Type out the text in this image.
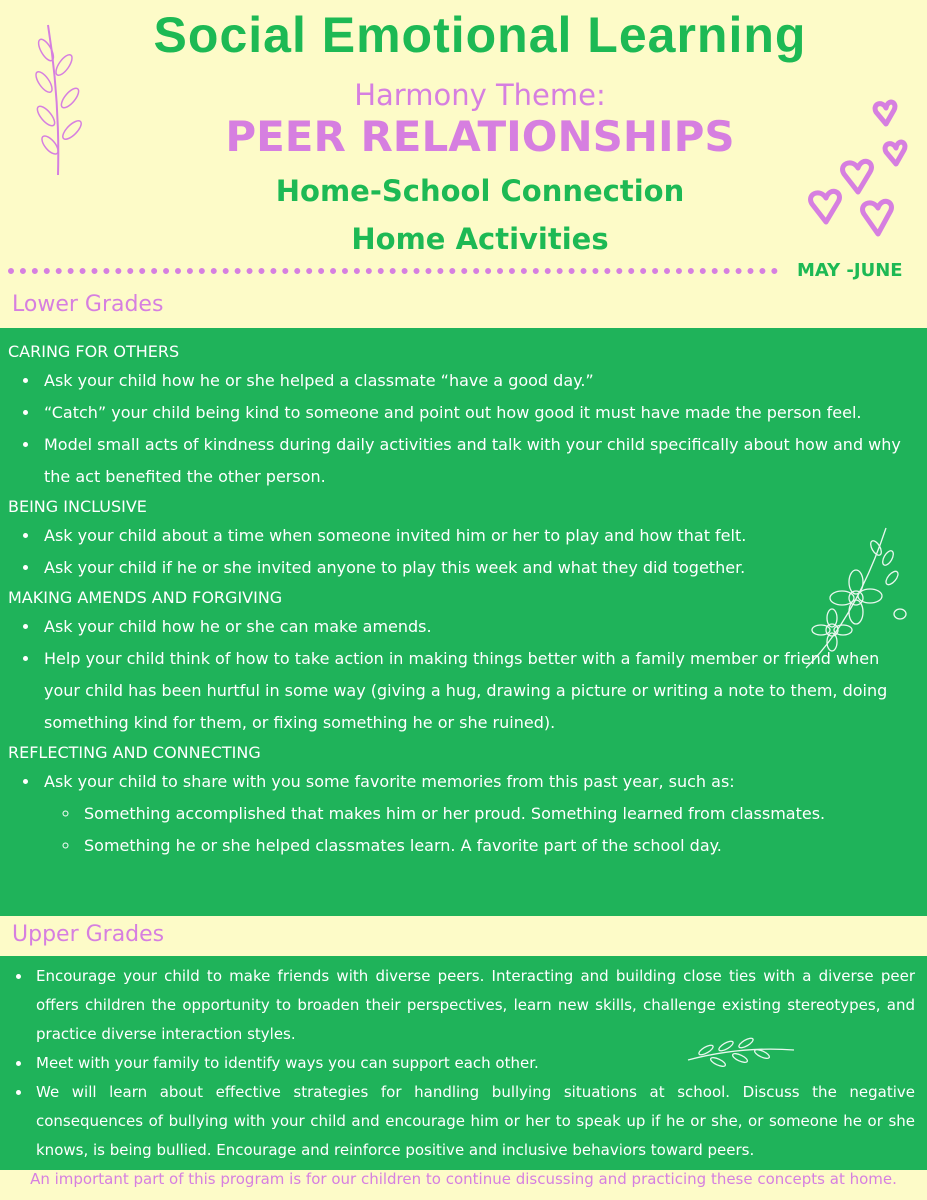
Social Emotional Learning

Harmony Theme:

PEER RELATIONSHIPS

Home-School Connection

Home Activities

MAY -JUNE

Lower Grades

CARING FOR OTHERS

• Ask your child how he or she helped a classmate “have a good day.”
• “Catch” your child being kind to someone and point out how good it must have made the person feel.
• Model small acts of kindness during daily activities and talk with your child specifically about how and why the act benefited the other person.

BEING INCLUSIVE

• Ask your child about a time when someone invited him or her to play and how that felt.
• Ask your child if he or she invited anyone to play this week and what they did together.

MAKING AMENDS AND FORGIVING

• Ask your child how he or she can make amends.
• Help your child think of how to take action in making things better with a family member or friend when your child has been hurtful in some way (giving a hug, drawing a picture or writing a note to them, doing something kind for them, or fixing something he or she ruined).

REFLECTING AND CONNECTING

• Ask your child to share with you some favorite memories from this past year, such as:
◦ Something accomplished that makes him or her proud. Something learned from classmates.
◦ Something he or she helped classmates learn. A favorite part of the school day.

Upper Grades

• Encourage your child to make friends with diverse peers. Interacting and building close ties with a diverse peer offers children the opportunity to broaden their perspectives, learn new skills, challenge existing stereotypes, and practice diverse interaction styles.
• Meet with your family to identify ways you can support each other.
• We will learn about effective strategies for handling bullying situations at school. Discuss the negative consequences of bullying with your child and encourage him or her to speak up if he or she, or someone he or she knows, is being bullied. Encourage and reinforce positive and inclusive behaviors toward peers.

An important part of this program is for our children to continue discussing and practicing these concepts at home.
